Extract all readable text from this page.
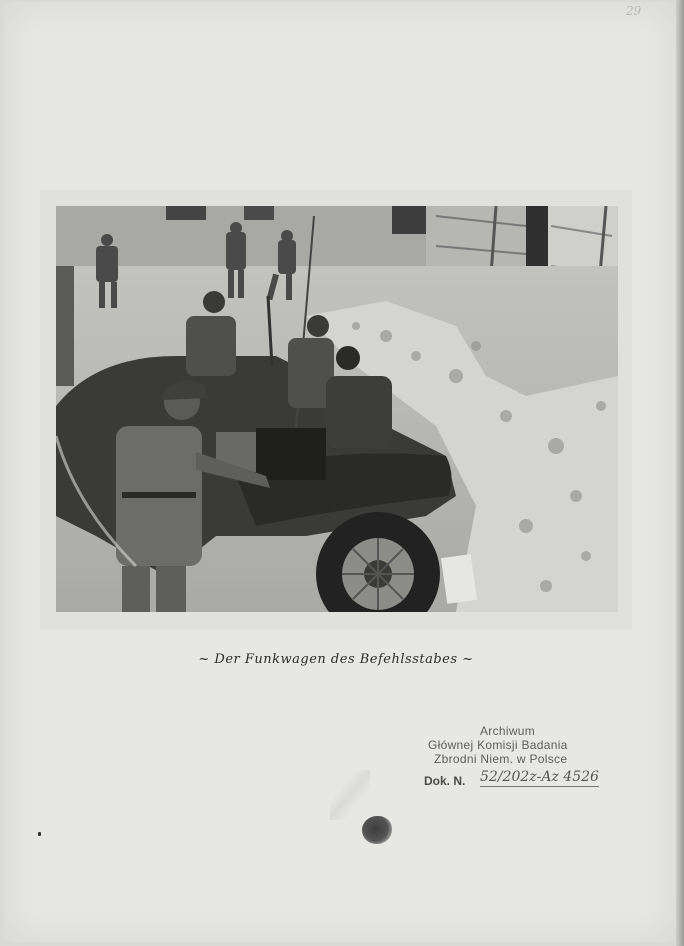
29
~ Der Funkwagen des Befehlsstabes ~
Archiwum
Głównej Komisji Badania
Zbrodni Niem. w Polsce
Dok. N. 52/202z-Az 4526
